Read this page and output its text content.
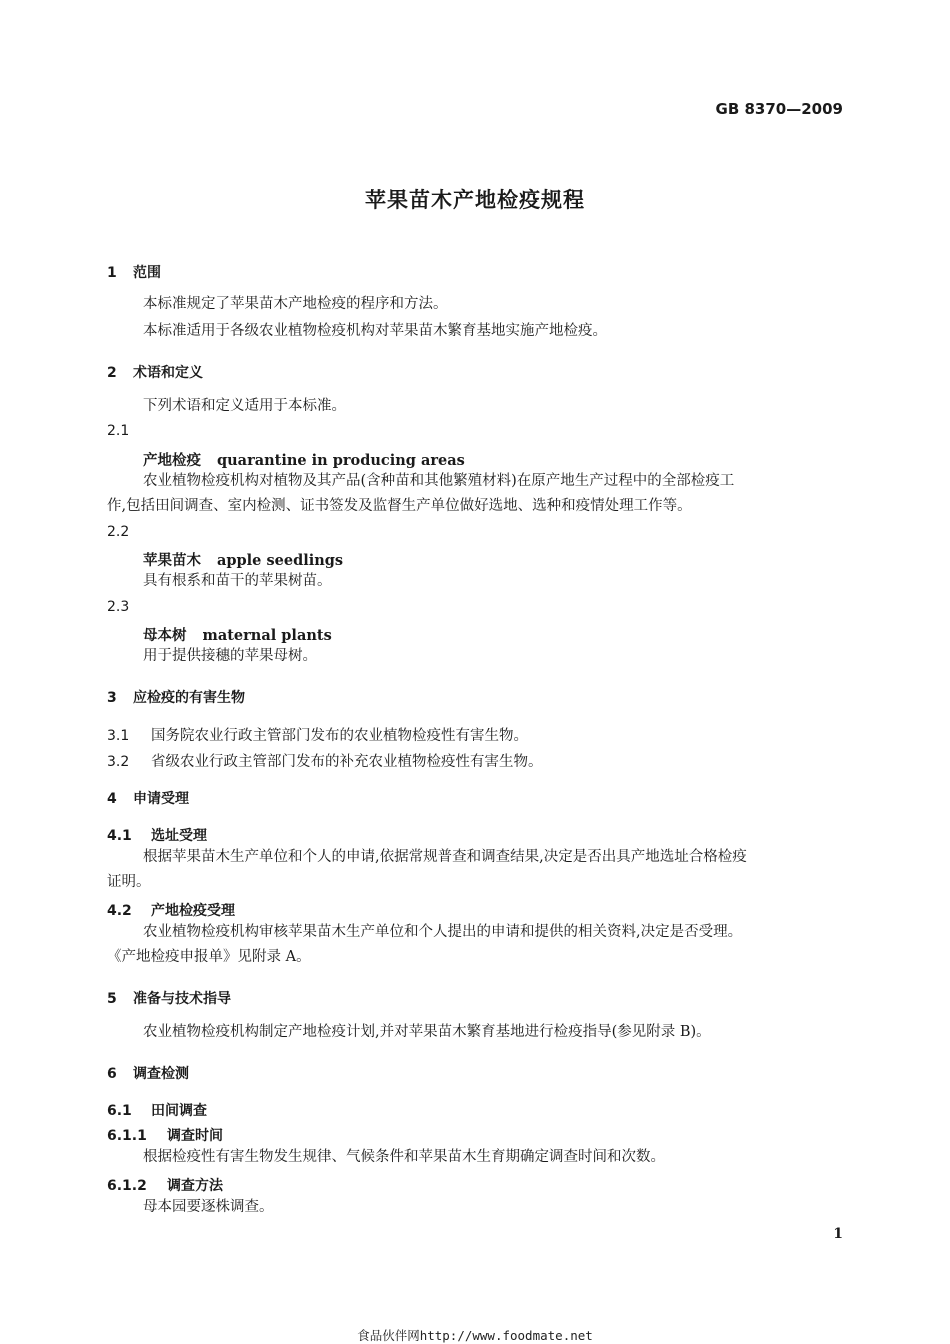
GB 8370—2009
苹果苗木产地检疫规程
1 范围
本标准规定了苹果苗木产地检疫的程序和方法。
本标准适用于各级农业植物检疫机构对苹果苗木繁育基地实施产地检疫。
2 术语和定义
下列术语和定义适用于本标准。
2.1
产地检疫 quarantine in producing areas
农业植物检疫机构对植物及其产品(含种苗和其他繁殖材料)在原产地生产过程中的全部检疫工
作,包括田间调查、室内检测、证书签发及监督生产单位做好选地、选种和疫情处理工作等。
2.2
苹果苗木 apple seedlings
具有根系和苗干的苹果树苗。
2.3
母本树 maternal plants
用于提供接穗的苹果母树。
3 应检疫的有害生物
3.1 国务院农业行政主管部门发布的农业植物检疫性有害生物。
3.2 省级农业行政主管部门发布的补充农业植物检疫性有害生物。
4 申请受理
4.1 选址受理
根据苹果苗木生产单位和个人的申请,依据常规普查和调查结果,决定是否出具产地选址合格检疫
证明。
4.2 产地检疫受理
农业植物检疫机构审核苹果苗木生产单位和个人提出的申请和提供的相关资料,决定是否受理。
《产地检疫申报单》见附录 A。
5 准备与技术指导
农业植物检疫机构制定产地检疫计划,并对苹果苗木繁育基地进行检疫指导(参见附录 B)。
6 调查检测
6.1 田间调查
6.1.1 调查时间
根据检疫性有害生物发生规律、气候条件和苹果苗木生育期确定调查时间和次数。
6.1.2 调查方法
母本园要逐株调查。
1
食品伙伴网http://www.foodmate.net
